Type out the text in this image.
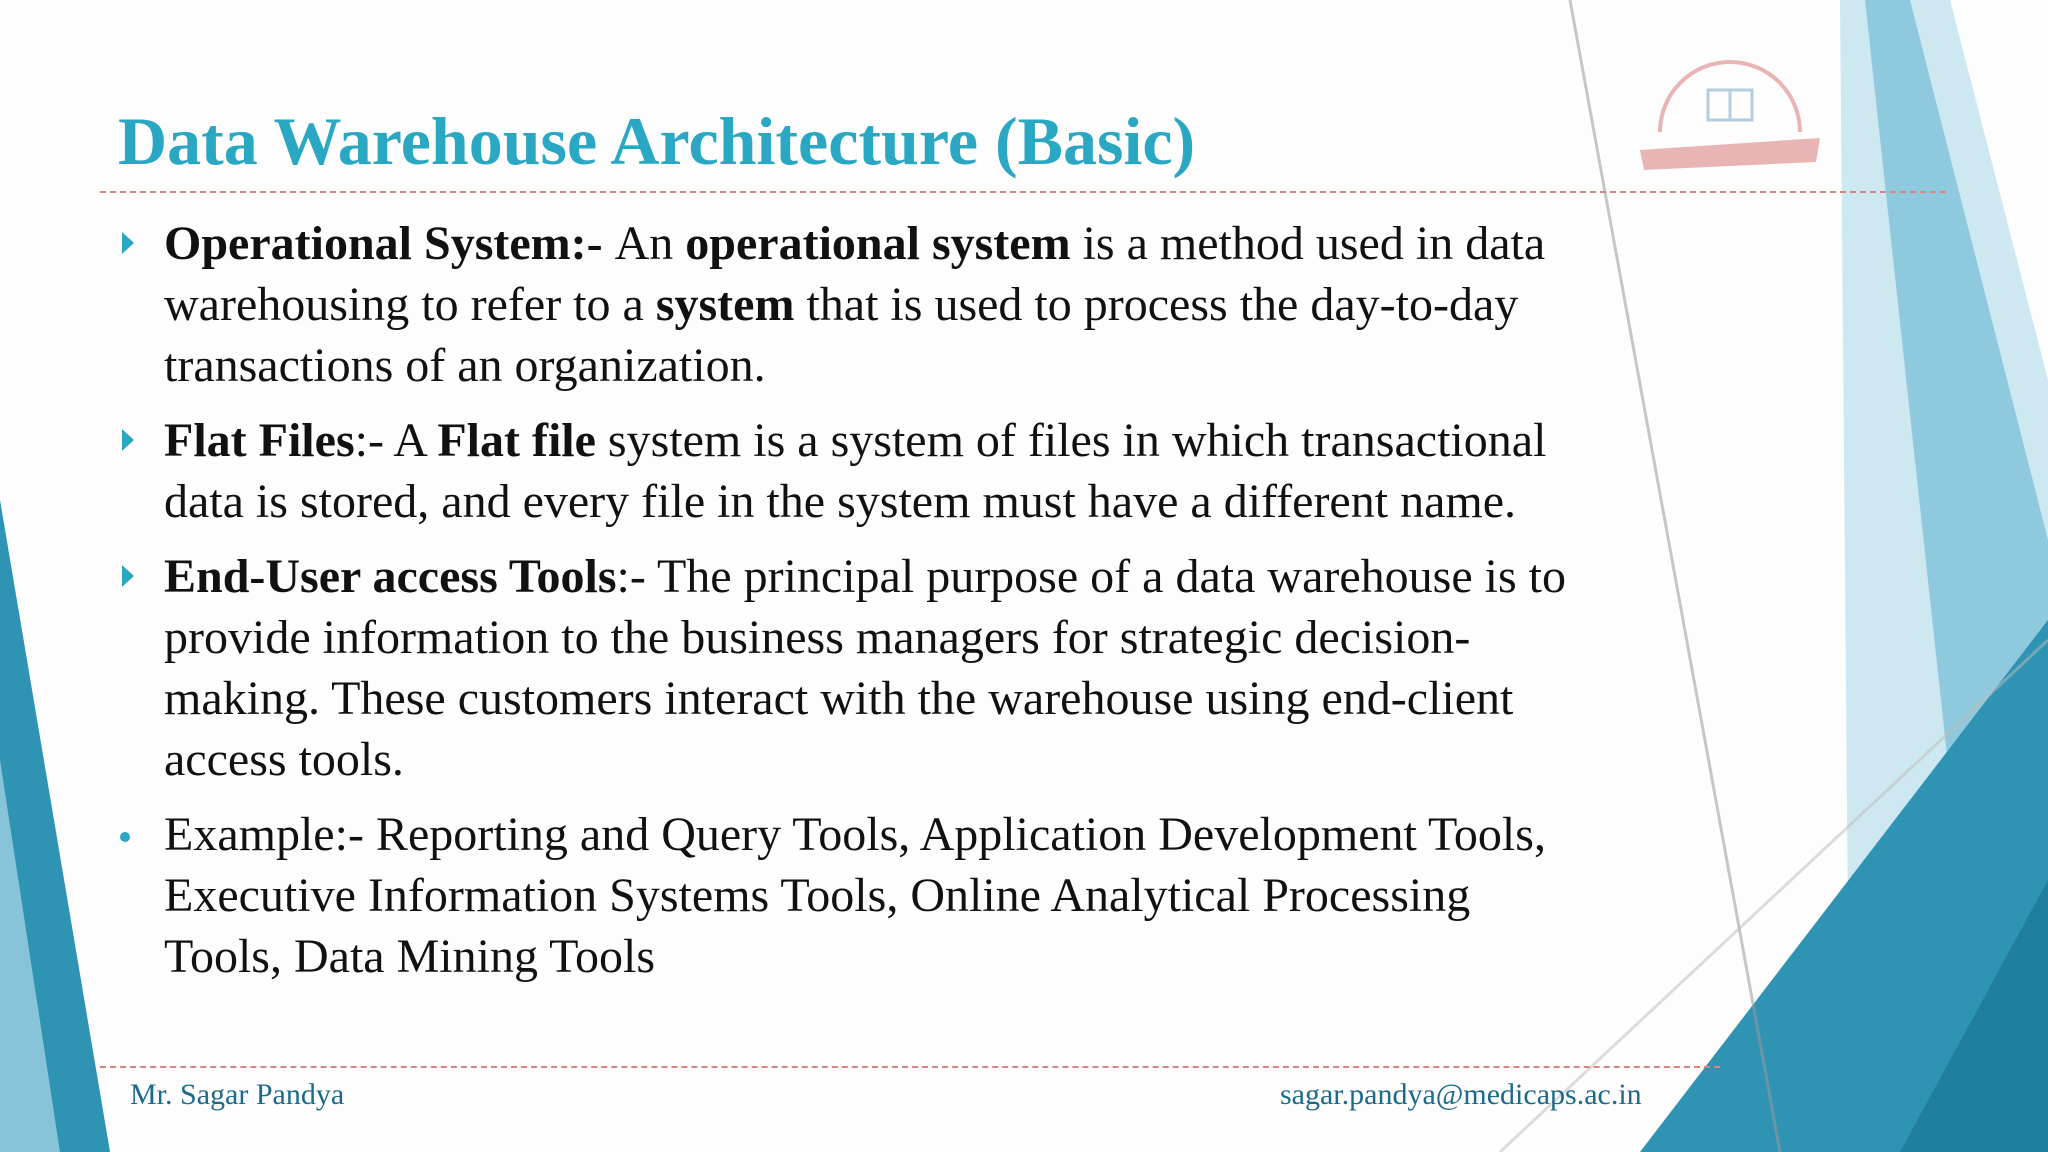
Data Warehouse Architecture (Basic)

Operational System:- An operational system is a method used in data warehousing to refer to a system that is used to process the day-to-day transactions of an organization.

Flat Files:- A Flat file system is a system of files in which transactional data is stored, and every file in the system must have a different name.

End-User access Tools:- The principal purpose of a data warehouse is to provide information to the business managers for strategic decision-making. These customers interact with the warehouse using end-client access tools.

Example:- Reporting and Query Tools, Application Development Tools, Executive Information Systems Tools, Online Analytical Processing Tools, Data Mining Tools

Mr. Sagar Pandya	sagar.pandya@medicaps.ac.in
